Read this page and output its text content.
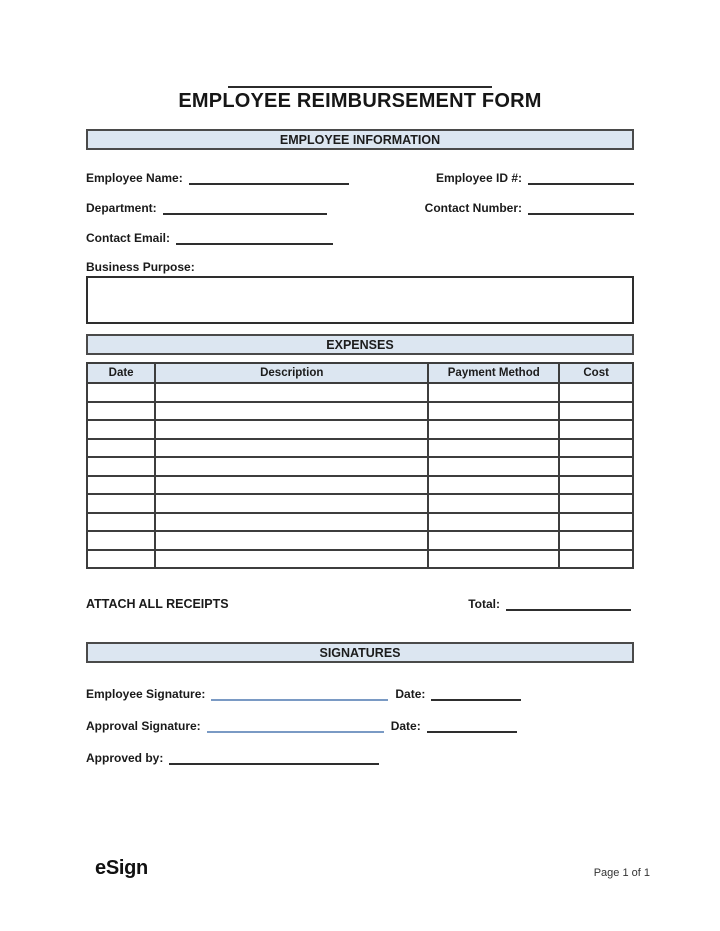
EMPLOYEE REIMBURSEMENT FORM
EMPLOYEE INFORMATION
Employee Name:	Employee ID #:
Department:	Contact Number:
Contact Email:
Business Purpose:
EXPENSES
Date	Description	Payment Method	Cost

ATTACH ALL RECEIPTS	Total:
SIGNATURES
Employee Signature:	Date:
Approval Signature:	Date:
Approved by:
eSign	Page 1 of 1
